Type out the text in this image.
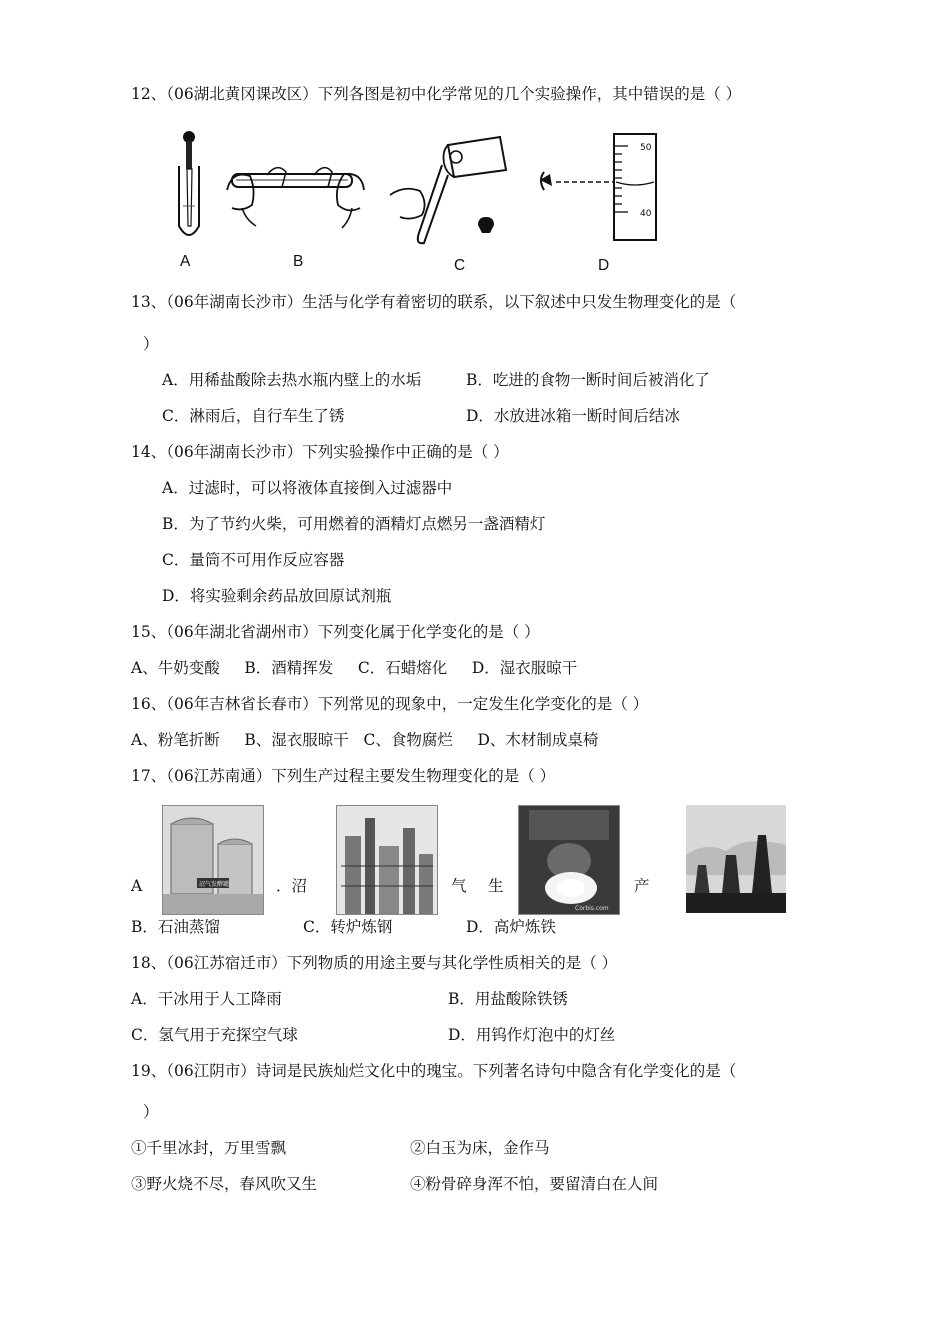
12、（06湖北黄冈课改区）下列各图是初中化学常见的几个实验操作，其中错误的是（ ）
A	B	C
50
40
D
13、（06年湖南长沙市）生活与化学有着密切的联系，以下叙述中只发生物理变化的是（
）
A．用稀盐酸除去热水瓶内壁上的水垢	B．吃进的食物一断时间后被消化了
C．淋雨后，自行车生了锈	D．水放进冰箱一断时间后结冰
14、（06年湖南长沙市）下列实验操作中正确的是（ ）
A．过滤时，可以将液体直接倒入过滤器中
B．为了节约火柴，可用燃着的酒精灯点燃另一盏酒精灯
C．量筒不可用作反应容器
D．将实验剩余药品放回原试剂瓶
15、（06年湖北省湖州市）下列变化属于化学变化的是（ ）
A、牛奶变酸     B．酒精挥发     C．石蜡熔化     D．湿衣服晾干
16、（06年吉林省长春市）下列常见的现象中，一定发生化学变化的是（ ）
A、粉笔折断     B、湿衣服晾干   C、食物腐烂     D、木材制成桌椅
17、（06江苏南通）下列生产过程主要发生物理变化的是（ ）
沼气发酵罐
Corbis.com
A	．沼	气 生	产
B．石油蒸馏	C．转炉炼钢	D．高炉炼铁
18、（06江苏宿迁市）下列物质的用途主要与其化学性质相关的是（ ）
A．干冰用于人工降雨	B．用盐酸除铁锈
C．氢气用于充探空气球	D．用钨作灯泡中的灯丝
19、（06江阴市）诗词是民族灿烂文化中的瑰宝。下列著名诗句中隐含有化学变化的是（
）
①千里冰封，万里雪飘	②白玉为床，金作马
③野火烧不尽，春风吹又生	④粉骨碎身浑不怕，要留清白在人间
